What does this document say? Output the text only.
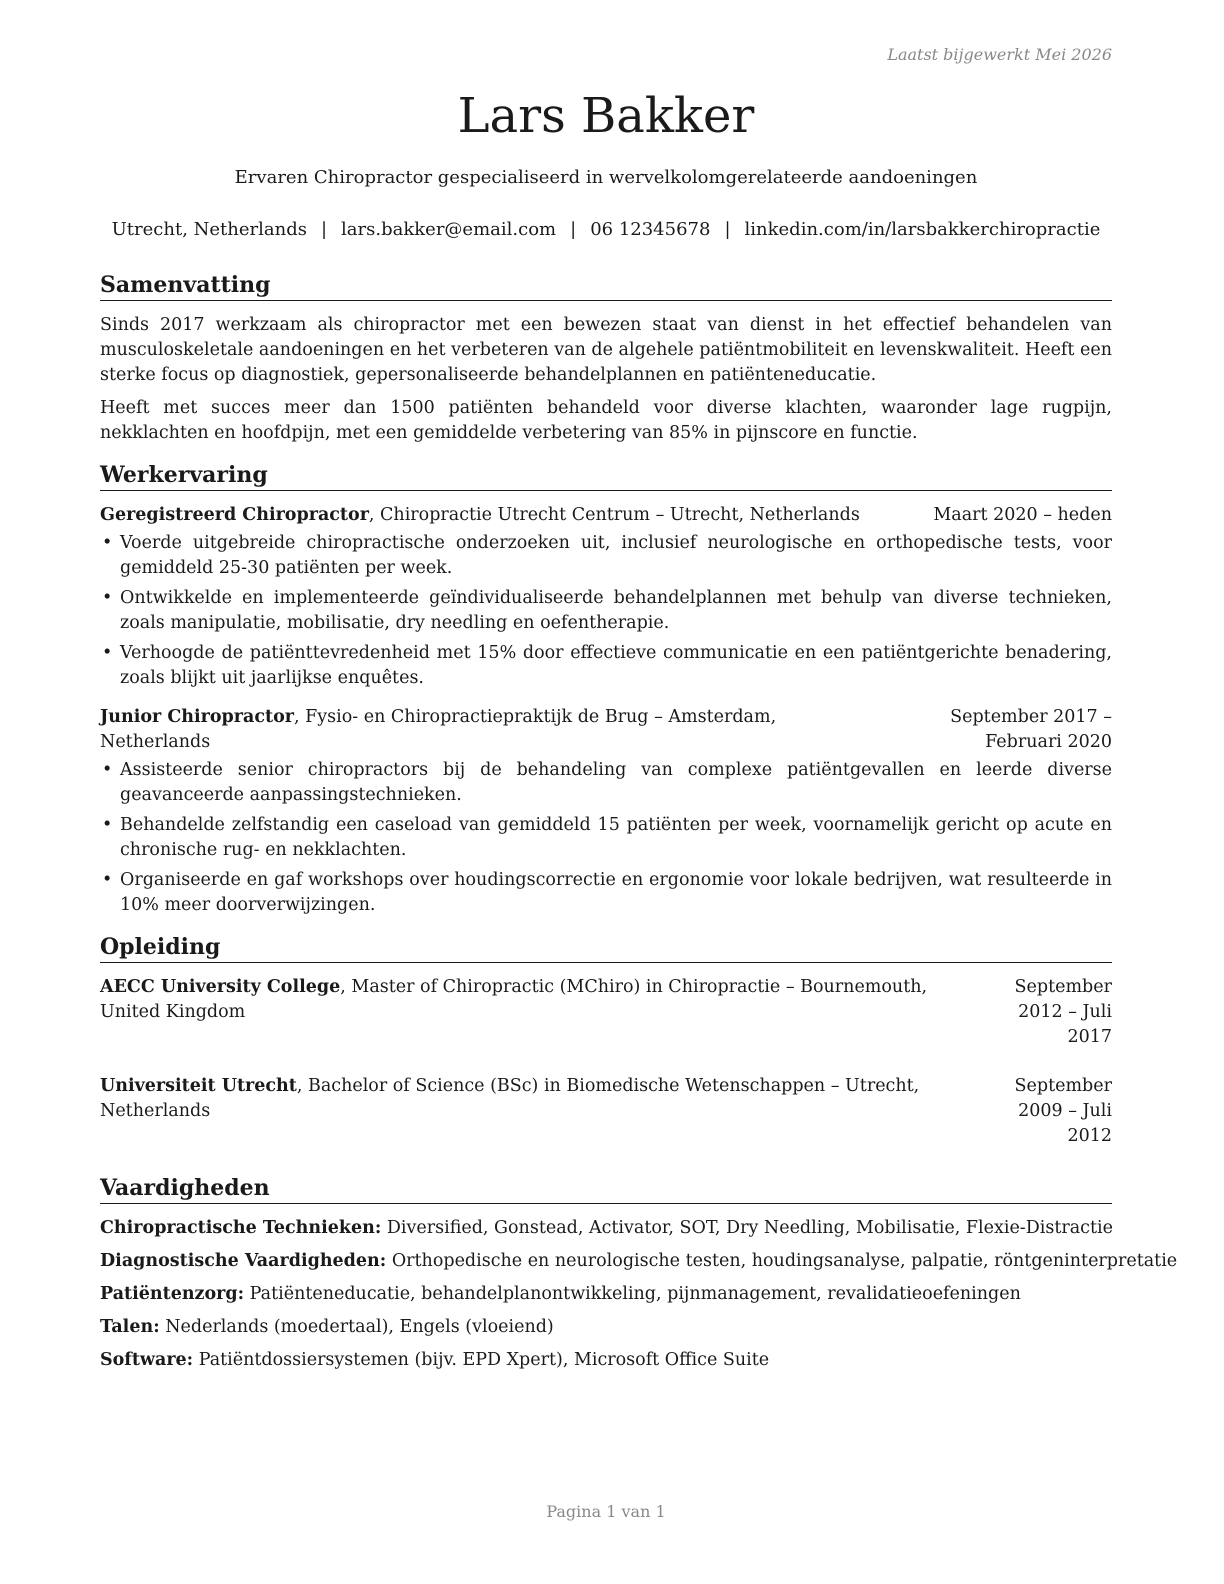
Laatst bijgewerkt Mei 2026
Lars Bakker
Ervaren Chiropractor gespecialiseerd in wervelkolomgerelateerde aandoeningen
Utrecht, Netherlands | lars.bakker@email.com | 06 12345678 | linkedin.com/in/larsbakkerchiropractie
Samenvatting

Sinds 2017 werkzaam als chiropractor met een bewezen staat van dienst in het effectief behandelen van musculoskeletale aandoeningen en het verbeteren van de algehele patiëntmobiliteit en levenskwaliteit. Heeft een sterke focus op diagnostiek, gepersonaliseerde behandelplannen en patiënteneducatie.

Heeft met succes meer dan 1500 patiënten behandeld voor diverse klachten, waaronder lage rugpijn, nekklachten en hoofdpijn, met een gemiddelde verbetering van 85% in pijnscore en functie.

Werkervaring
Geregistreerd Chiropractor, Chiropractie Utrecht Centrum – Utrecht, Netherlands	Maart 2020 – heden
• Voerde uitgebreide chiropractische onderzoeken uit, inclusief neurologische en orthopedische tests, voor gemiddeld 25-30 patiënten per week.
• Ontwikkelde en implementeerde geïndividualiseerde behandelplannen met behulp van diverse technieken, zoals manipulatie, mobilisatie, dry needling en oefentherapie.
• Verhoogde de patiënttevredenheid met 15% door effectieve communicatie en een patiëntgerichte benadering, zoals blijkt uit jaarlijkse enquêtes.
Junior Chiropractor, Fysio- en Chiropractiepraktijk de Brug – Amsterdam, Netherlands
September 2017 – Februari 2020
• Assisteerde senior chiropractors bij de behandeling van complexe patiëntgevallen en leerde diverse geavanceerde aanpassingstechnieken.
• Behandelde zelfstandig een caseload van gemiddeld 15 patiënten per week, voornamelijk gericht op acute en chronische rug- en nekklachten.
• Organiseerde en gaf workshops over houdingscorrectie en ergonomie voor lokale bedrijven, wat resulteerde in 10% meer doorverwijzingen.
Opleiding
AECC University College, Master of Chiropractic (MChiro) in Chiropractie – Bournemouth, United Kingdom
September 2012 – Juli 2017
Universiteit Utrecht, Bachelor of Science (BSc) in Biomedische Wetenschappen – Utrecht, Netherlands
September 2009 – Juli 2012
Vaardigheden
Chiropractische Technieken: Diversified, Gonstead, Activator, SOT, Dry Needling, Mobilisatie, Flexie-Distractie
Diagnostische Vaardigheden: Orthopedische en neurologische testen, houdingsanalyse, palpatie, röntgeninterpretatie
Patiëntenzorg: Patiënteneducatie, behandelplanontwikkeling, pijnmanagement, revalidatieoefeningen
Talen: Nederlands (moedertaal), Engels (vloeiend)
Software: Patiëntdossiersystemen (bijv. EPD Xpert), Microsoft Office Suite
Pagina 1 van 1
